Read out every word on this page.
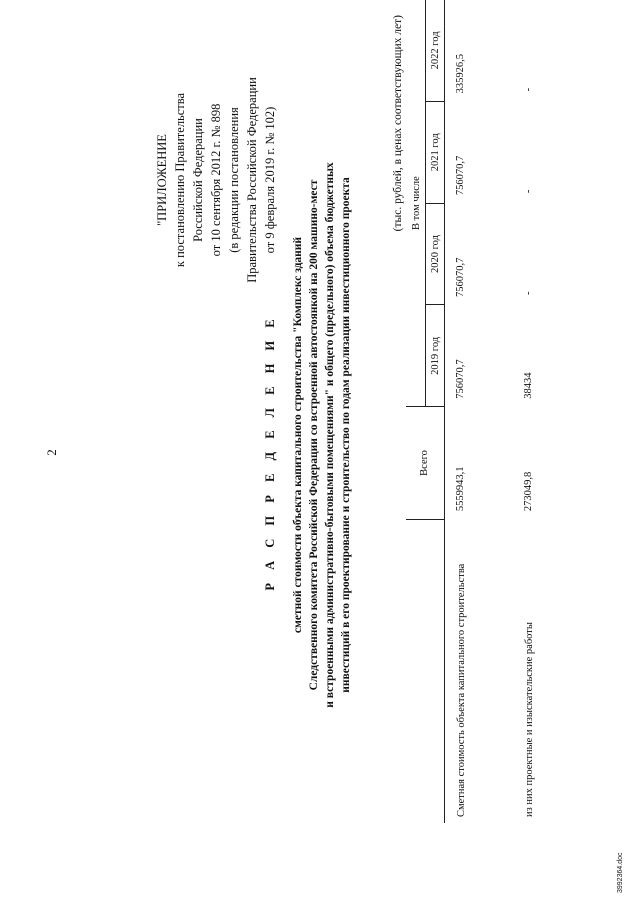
2
"ПРИЛОЖЕНИЕ к постановлению Правительства Российской Федерации от 10 сентября 2012 г. № 898 (в редакции постановления Правительства Российской Федерации от 9 февраля 2019 г. № 102)
Р А С П Р Е Д Е Л Е Н И Е сметной стоимости объекта капитального строительства "Комплекс зданий Следственного комитета Российской Федерации со встроенной автостоянкой на 200 машино-мест и встроенными административно-бытовыми помещениями" и общего (предельного) объема бюджетных инвестиций в его проектирование и строительство по годам реализации инвестиционного проекта
(тыс. рублей, в ценах соответствующих лет)
	Всего	В том числе			
		2019 год	2020 год	2021 год	2022 год
Сметная стоимость объекта капитального строительства	5559943,1	756070,7	756070,7	756070,7	335926,5
из них проектные и изыскательские работы	273049,8	38434	-	-	-
3992364.doc
